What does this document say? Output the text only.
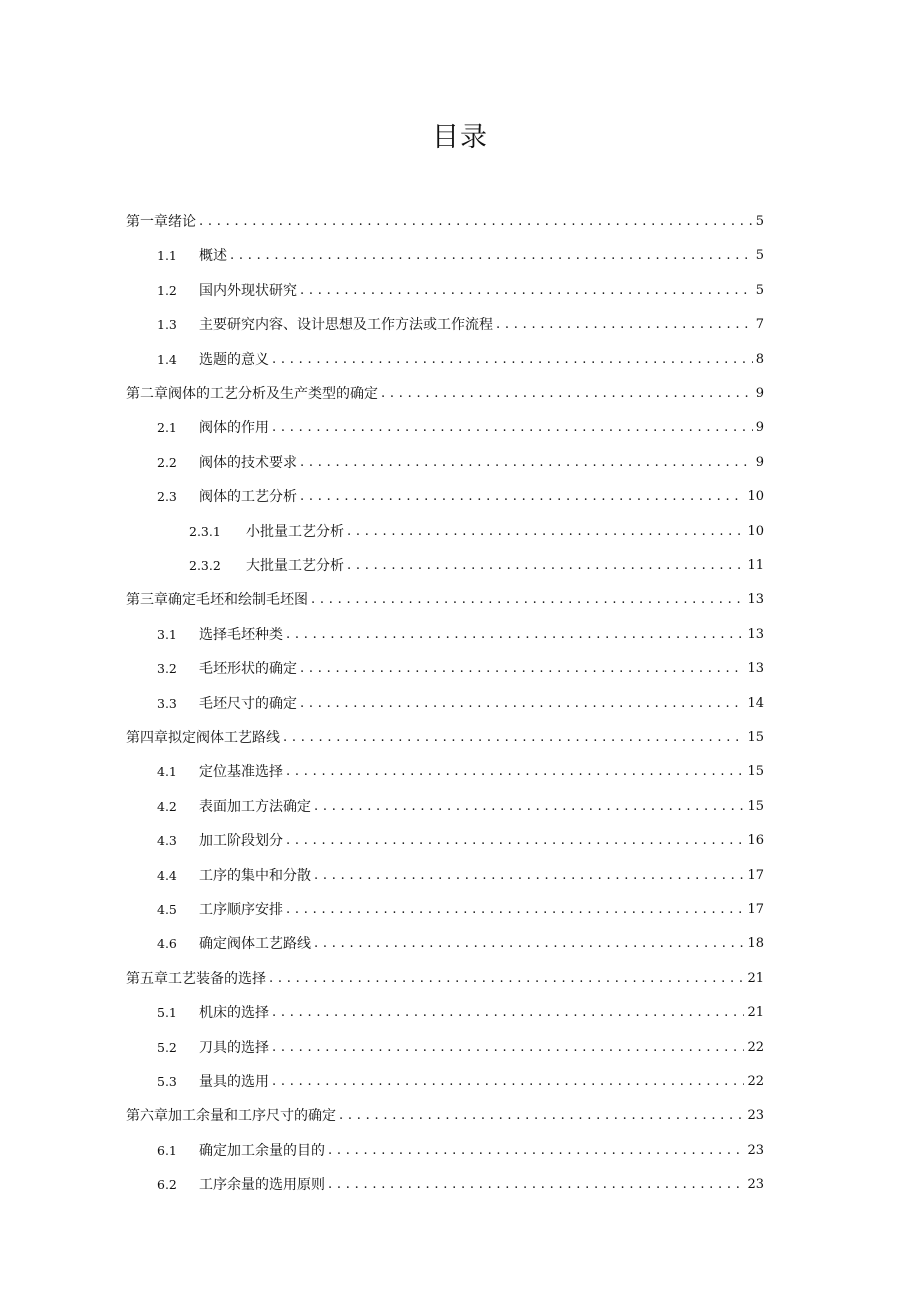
目录
第一章绪论 . . .	5
1.1	概述 . . .	5
1.2	国内外现状研究 . . .	5
1.3	主要研究内容、设计思想及工作方法或工作流程 . . .	7
1.4	选题的意义 . . .	8
第二章阀体的工艺分析及生产类型的确定 . . .	9
2.1	阀体的作用 . . .	9
2.2	阀体的技术要求 . . .	9
2.3	阀体的工艺分析 . . .	10
2.3.1	小批量工艺分析 . . .	10
2.3.2	大批量工艺分析 . . .	11
第三章确定毛坯和绘制毛坯图 . . .	13
3.1	选择毛坯种类 . . .	13
3.2	毛坯形状的确定 . . .	13
3.3	毛坯尺寸的确定 . . .	14
第四章拟定阀体工艺路线 . . .	15
4.1	定位基准选择 . . .	15
4.2	表面加工方法确定 . . .	15
4.3	加工阶段划分 . . .	16
4.4	工序的集中和分散 . . .	17
4.5	工序顺序安排 . . .	17
4.6	确定阀体工艺路线 . . .	18
第五章工艺装备的选择 . . .	21
5.1	机床的选择 . . .	21
5.2	刀具的选择 . . .	22
5.3	量具的选用 . . .	22
第六章加工余量和工序尺寸的确定 . . .	23
6.1	确定加工余量的目的 . . .	23
6.2	工序余量的选用原则 . . .	23
